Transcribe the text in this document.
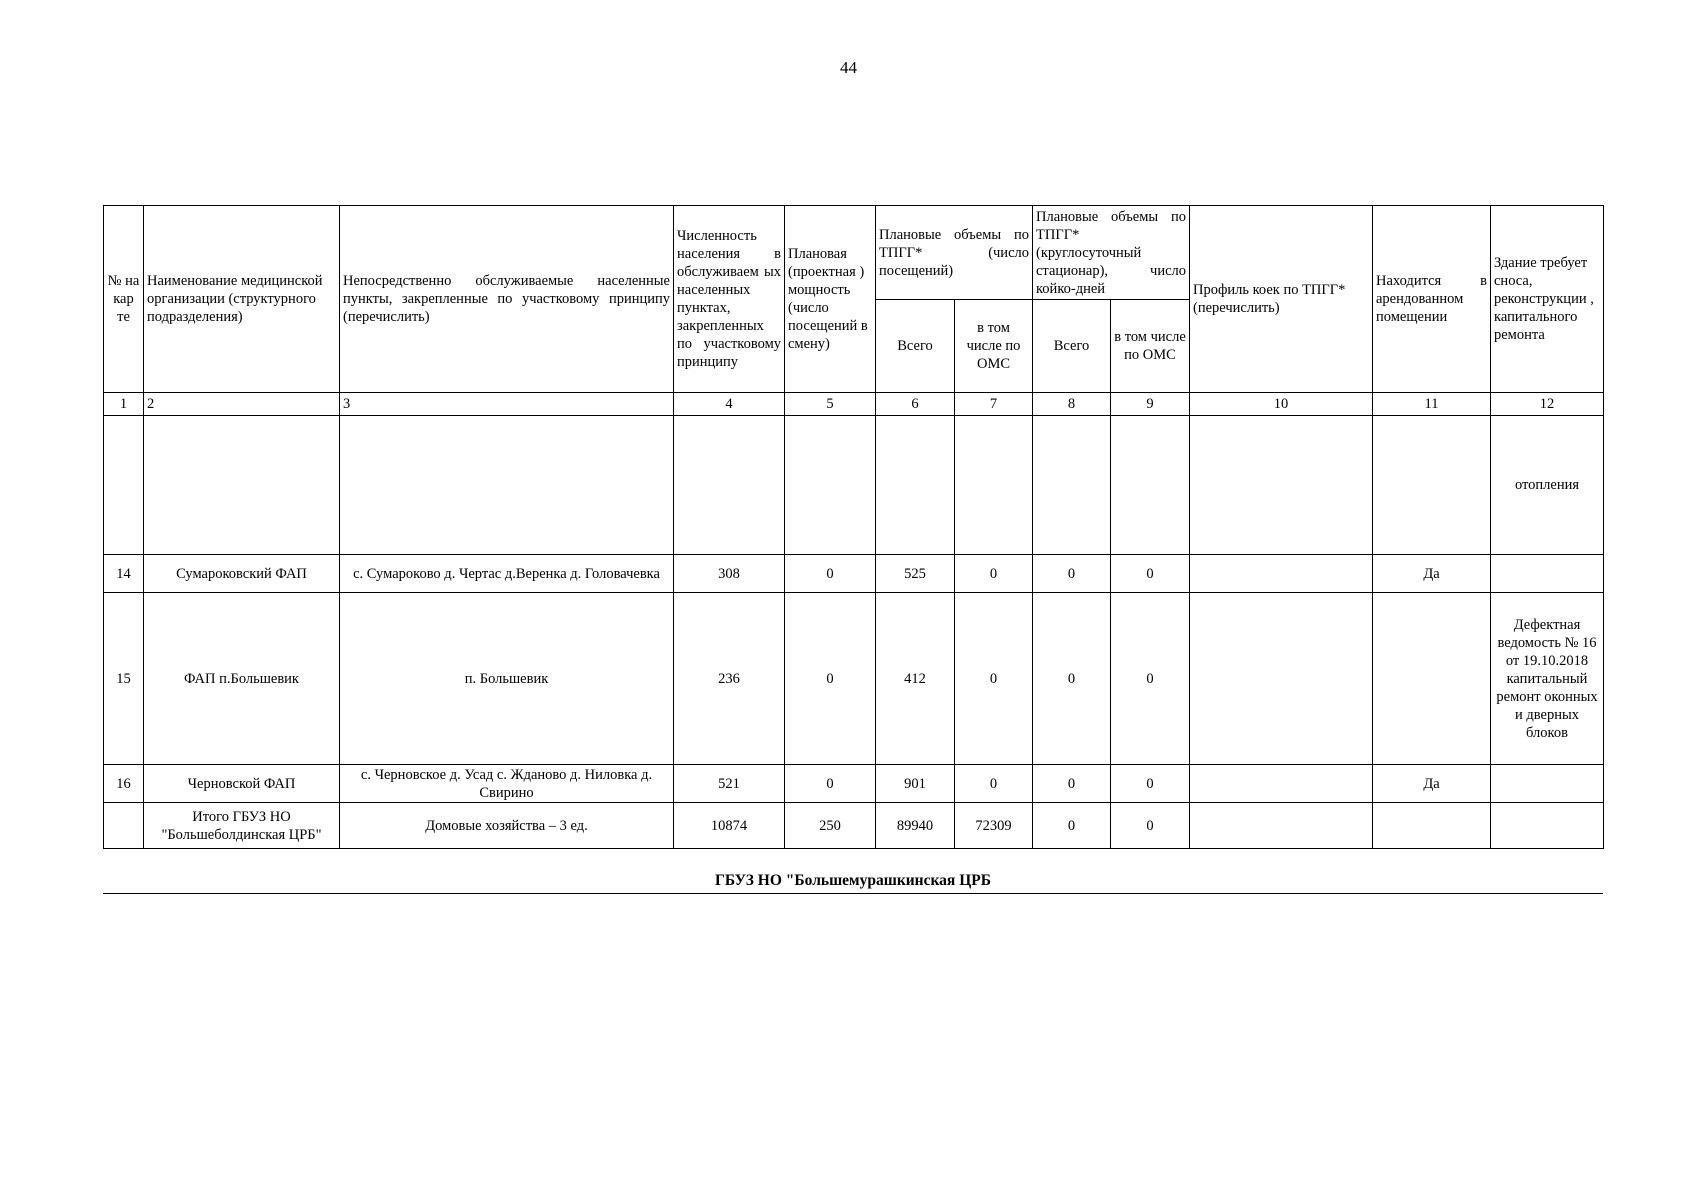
44
№ на кар те	Наименование медицинской организации (структурного подразделения)	Непосредственно обслуживаемые населенные пункты, закрепленные по участковому принципу (перечислить)	Численность населения в обслуживаем ых населенных пунктах, закрепленных по участковому принципу	Плановая (проектная ) мощность (число посещений в смену)	Плановые объемы по ТПГГ* (число посещений)		Плановые объемы по ТПГГ* (круглосуточный стационар), число койко-дней		Профиль коек по ТПГГ* (перечислить)	Находится в арендованном помещении	Здание требует сноса, реконструкции , капитального ремонта
					Всего	в том числе по ОМС	Всего	в том числе по ОМС			
1	2	3	4	5	6	7	8	9	10	11	12
											отопления
14	Сумароковский ФАП	с. Сумароково д. Чертас д.Веренка д. Головачевка	308	0	525	0	0	0		Да	
15	ФАП п.Большевик	п. Большевик	236	0	412	0	0	0			Дефектная ведомость № 16 от 19.10.2018 капитальный ремонт оконных и дверных блоков
16	Черновской ФАП	с. Черновское д. Усад с. Жданово д. Ниловка д. Свирино	521	0	901	0	0	0		Да	
	Итого ГБУЗ НО "Большеболдинская ЦРБ"	Домовые хозяйства – 3 ед.	10874	250	89940	72309	0	0			
ГБУЗ НО "Большемурашкинская ЦРБ
